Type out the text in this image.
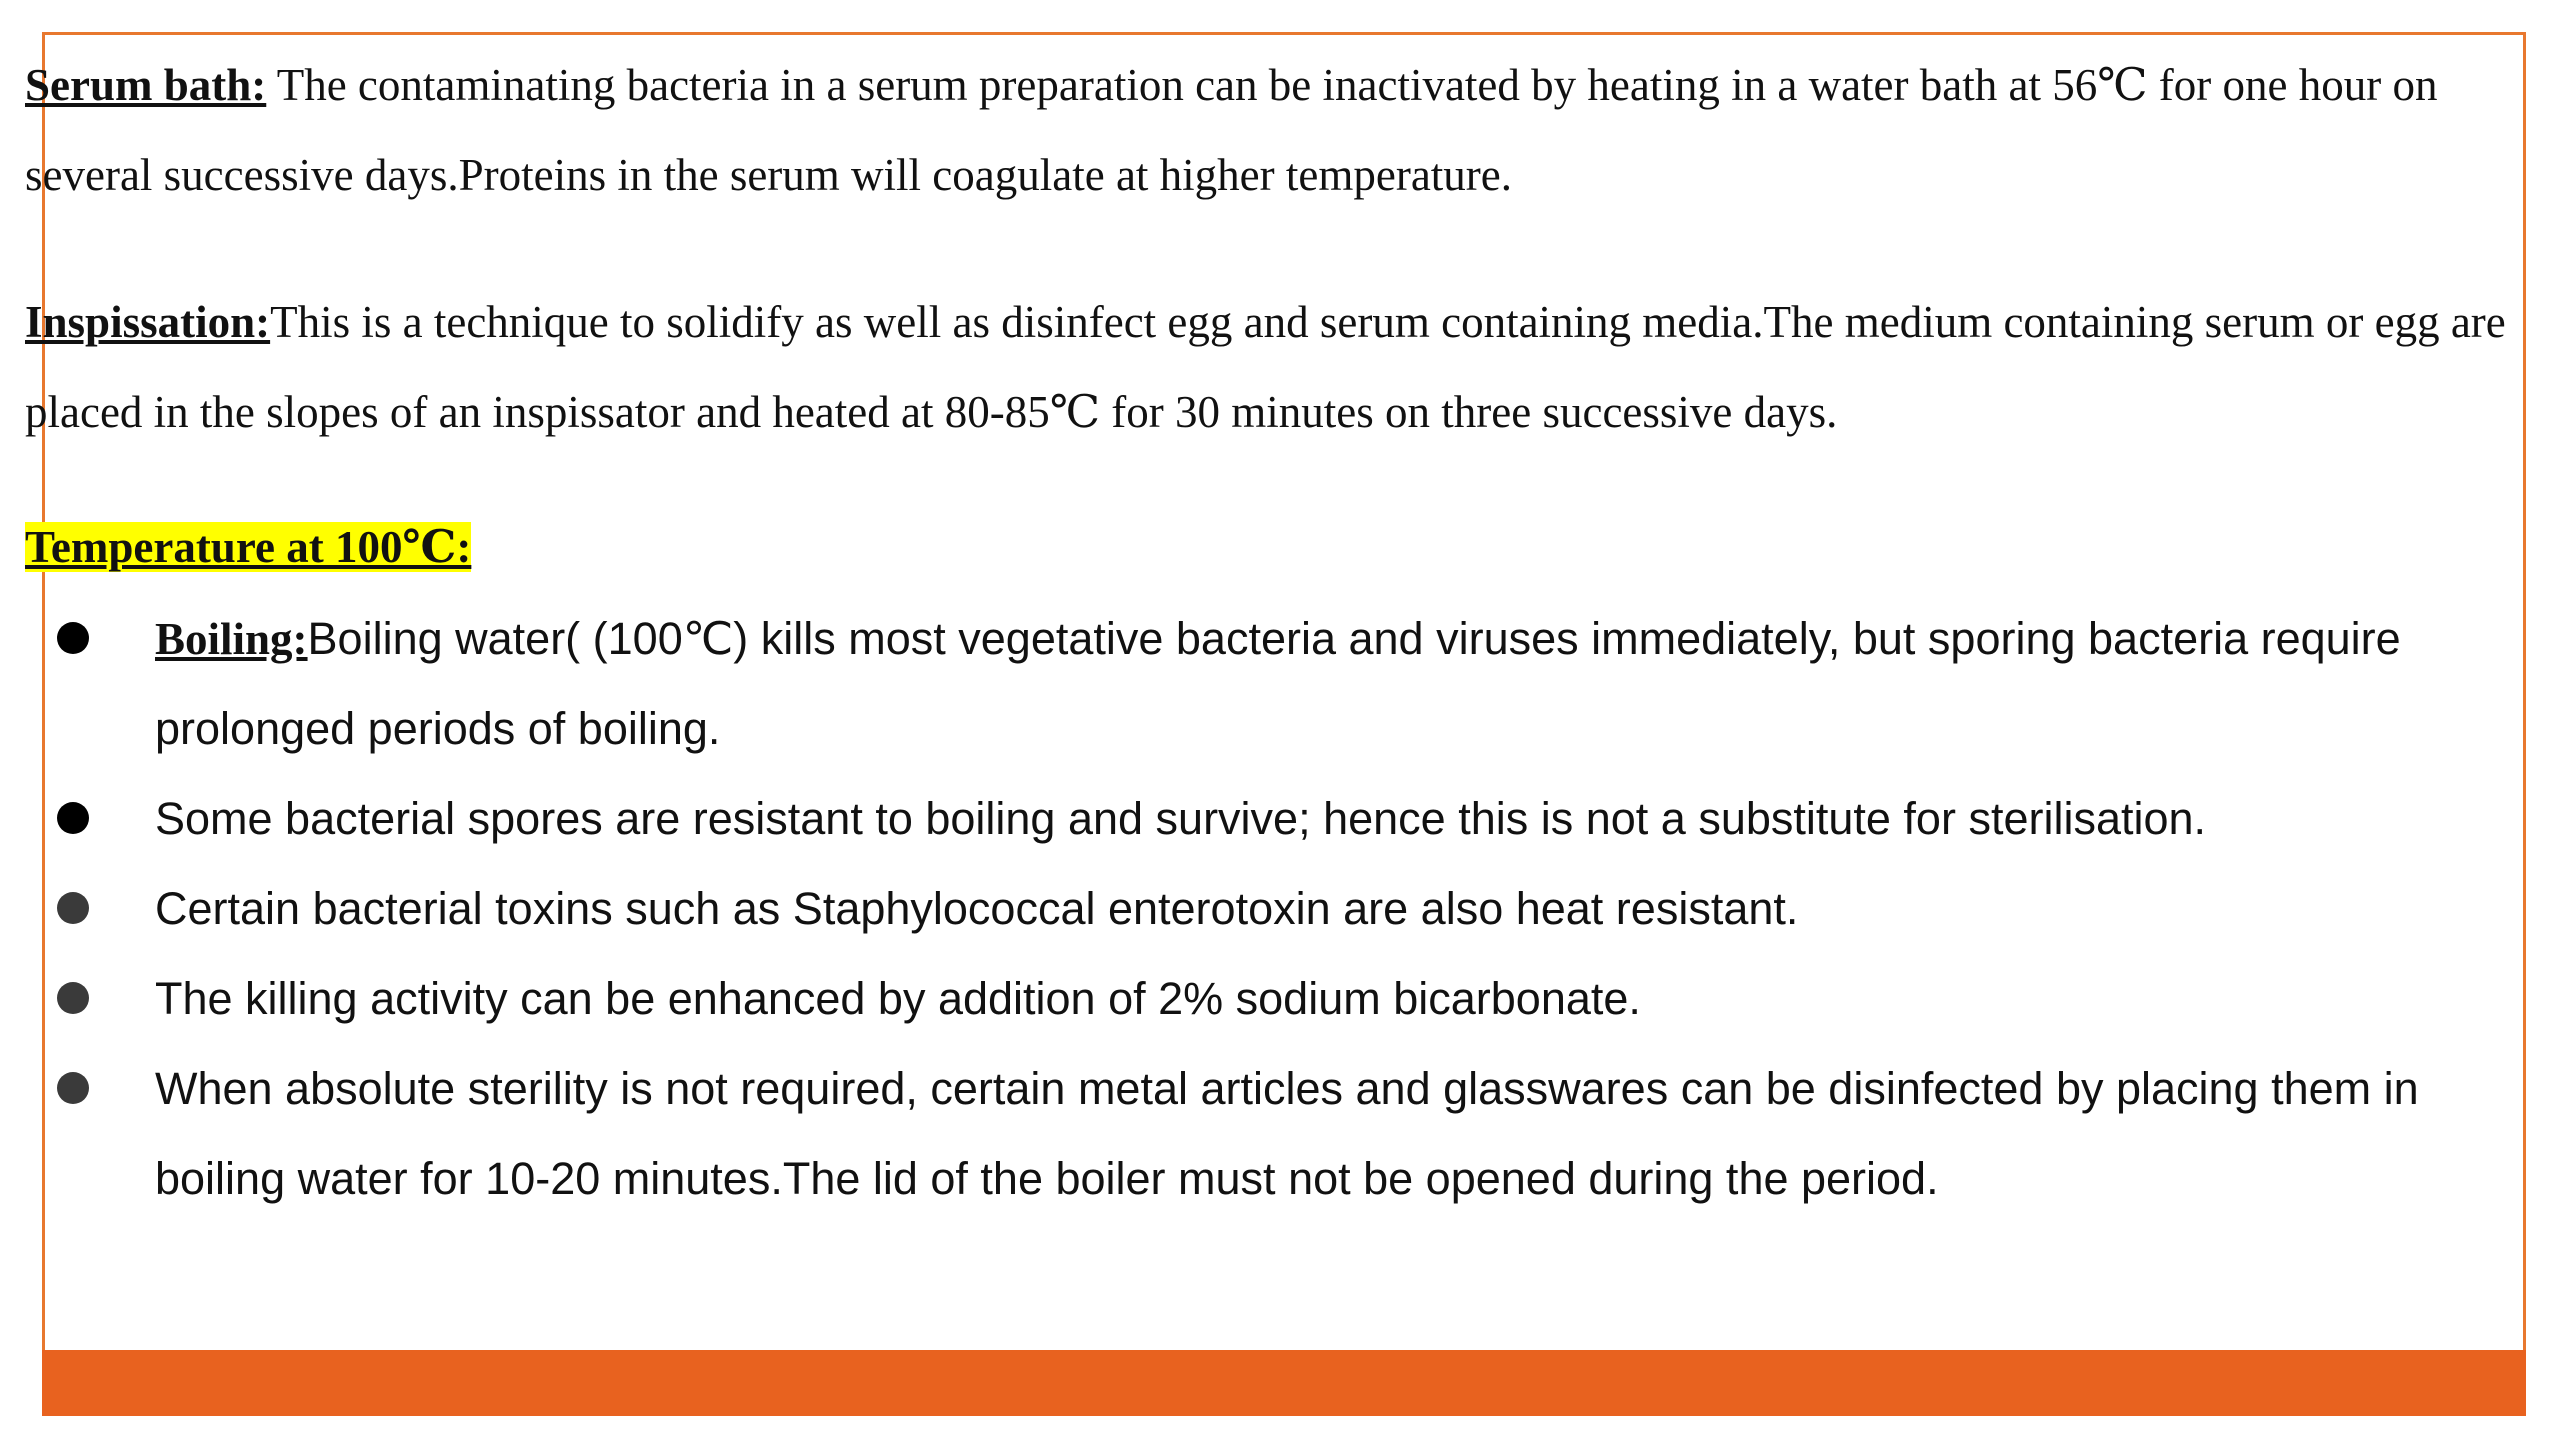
Serum bath: The contaminating bacteria in a serum preparation can be inactivated by heating in a water bath at 56℃ for one hour on several successive days.Proteins in the serum will coagulate at higher temperature.

Inspissation:This is a technique to solidify as well as disinfect egg and serum containing media.The medium containing serum or egg are placed in the slopes of an inspissator and heated at 80-85℃ for 30 minutes on three successive days.

Temperature at 100℃:
Boiling:Boiling water( (100℃) kills most vegetative bacteria and viruses immediately, but sporing bacteria require prolonged periods of boiling.
Some bacterial spores are resistant to boiling and survive; hence this is not a substitute for sterilisation.
Certain bacterial toxins such as Staphylococcal enterotoxin are also heat resistant.
The killing activity can be enhanced by addition of 2% sodium bicarbonate.
When absolute sterility is not required, certain metal articles and glasswares can be disinfected by placing them in boiling water for 10-20 minutes.The lid of the boiler must not be opened during the period.
